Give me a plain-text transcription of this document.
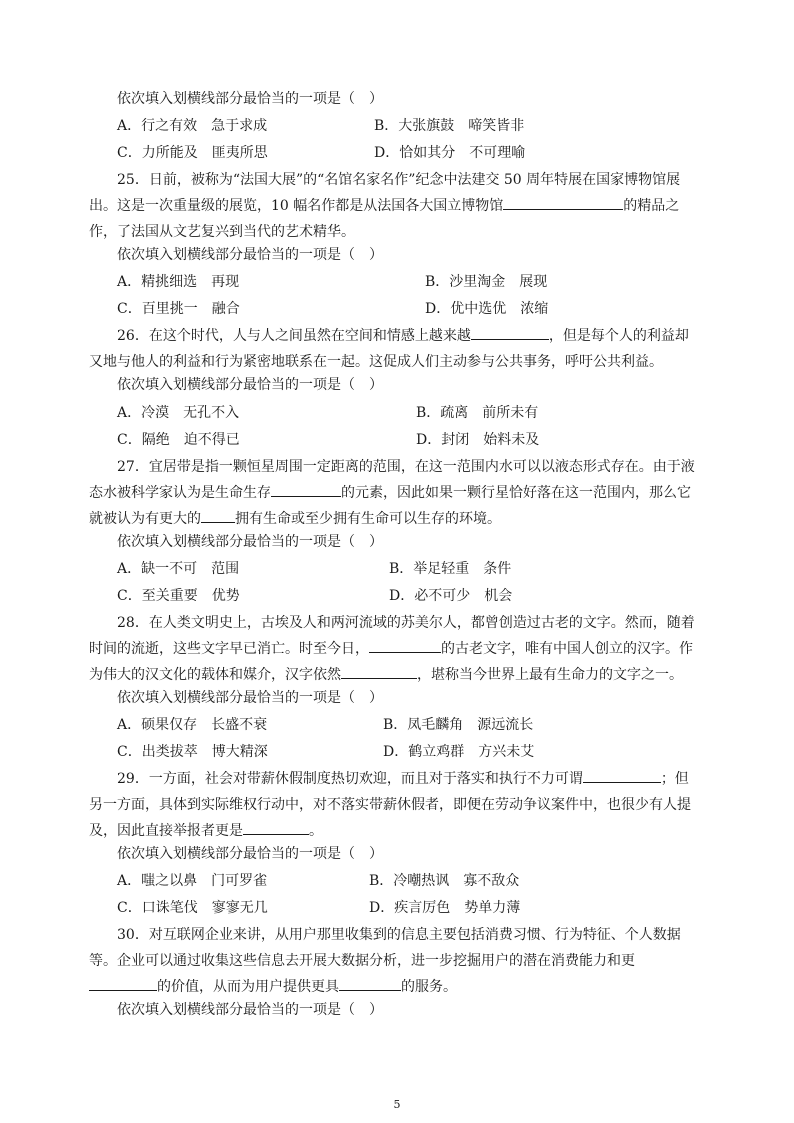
依次填入划横线部分最恰当的一项是（　）
A．行之有效　急于求成	B．大张旗鼓　啼笑皆非
C．力所能及　匪夷所思	D．恰如其分　不可理喻
25．日前，被称为“法国大展”的“名馆名家名作”纪念中法建交 50 周年特展在国家博物馆展出。这是一次重量级的展览，10 幅名作都是从法国各大国立博物馆	的精品之作，了法国从文艺复兴到当代的艺术精华。
依次填入划横线部分最恰当的一项是（　）
A．精挑细选　再现	B．沙里淘金　展现
C．百里挑一　融合	D．优中选优　浓缩
26．在这个时代，人与人之间虽然在空间和情感上越来越	，但是每个人的利益却又地与他人的利益和行为紧密地联系在一起。这促成人们主动参与公共事务，呼吁公共利益。
依次填入划横线部分最恰当的一项是（　）
A．冷漠　无孔不入	B．疏离　前所未有
C．隔绝　迫不得已	D．封闭　始料未及
27．宜居带是指一颗恒星周围一定距离的范围，在这一范围内水可以以液态形式存在。由于液态水被科学家认为是生命生存	的元素，因此如果一颗行星恰好落在这一范围内，那么它就被认为有更大的 拥有生命或至少拥有生命可以生存的环境。
依次填入划横线部分最恰当的一项是（　）
A．缺一不可　范围	B．举足轻重　条件
C．至关重要　优势	D．必不可少　机会
28．在人类文明史上，古埃及人和两河流域的苏美尔人，都曾创造过古老的文字。然而，随着时间的流逝，这些文字早已消亡。时至今日，	的古老文字，唯有中国人创立的汉字。作为伟大的汉文化的载体和媒介，汉字依然	，堪称当今世界上最有生命力的文字之一。
依次填入划横线部分最恰当的一项是（　）
A．硕果仅存　长盛不衰	B．凤毛麟角　源远流长
C．出类拔萃　博大精深	D．鹤立鸡群　方兴未艾
29．一方面，社会对带薪休假制度热切欢迎，而且对于落实和执行不力可谓	；但另一方面，具体到实际维权行动中，对不落实带薪休假者，即便在劳动争议案件中，也很少有人提及，因此直接举报者更是	。
依次填入划横线部分最恰当的一项是（　）
A．嗤之以鼻　门可罗雀	B．冷嘲热讽　寡不敌众
C．口诛笔伐　寥寥无几	D．疾言厉色　势单力薄
30．对互联网企业来讲，从用户那里收集到的信息主要包括消费习惯、行为特征、个人数据等。企业可以通过收集这些信息去开展大数据分析，进一步挖掘用户的潜在消费能力和更的价值，从而为用户提供更具	的服务。
依次填入划横线部分最恰当的一项是（　）
5
